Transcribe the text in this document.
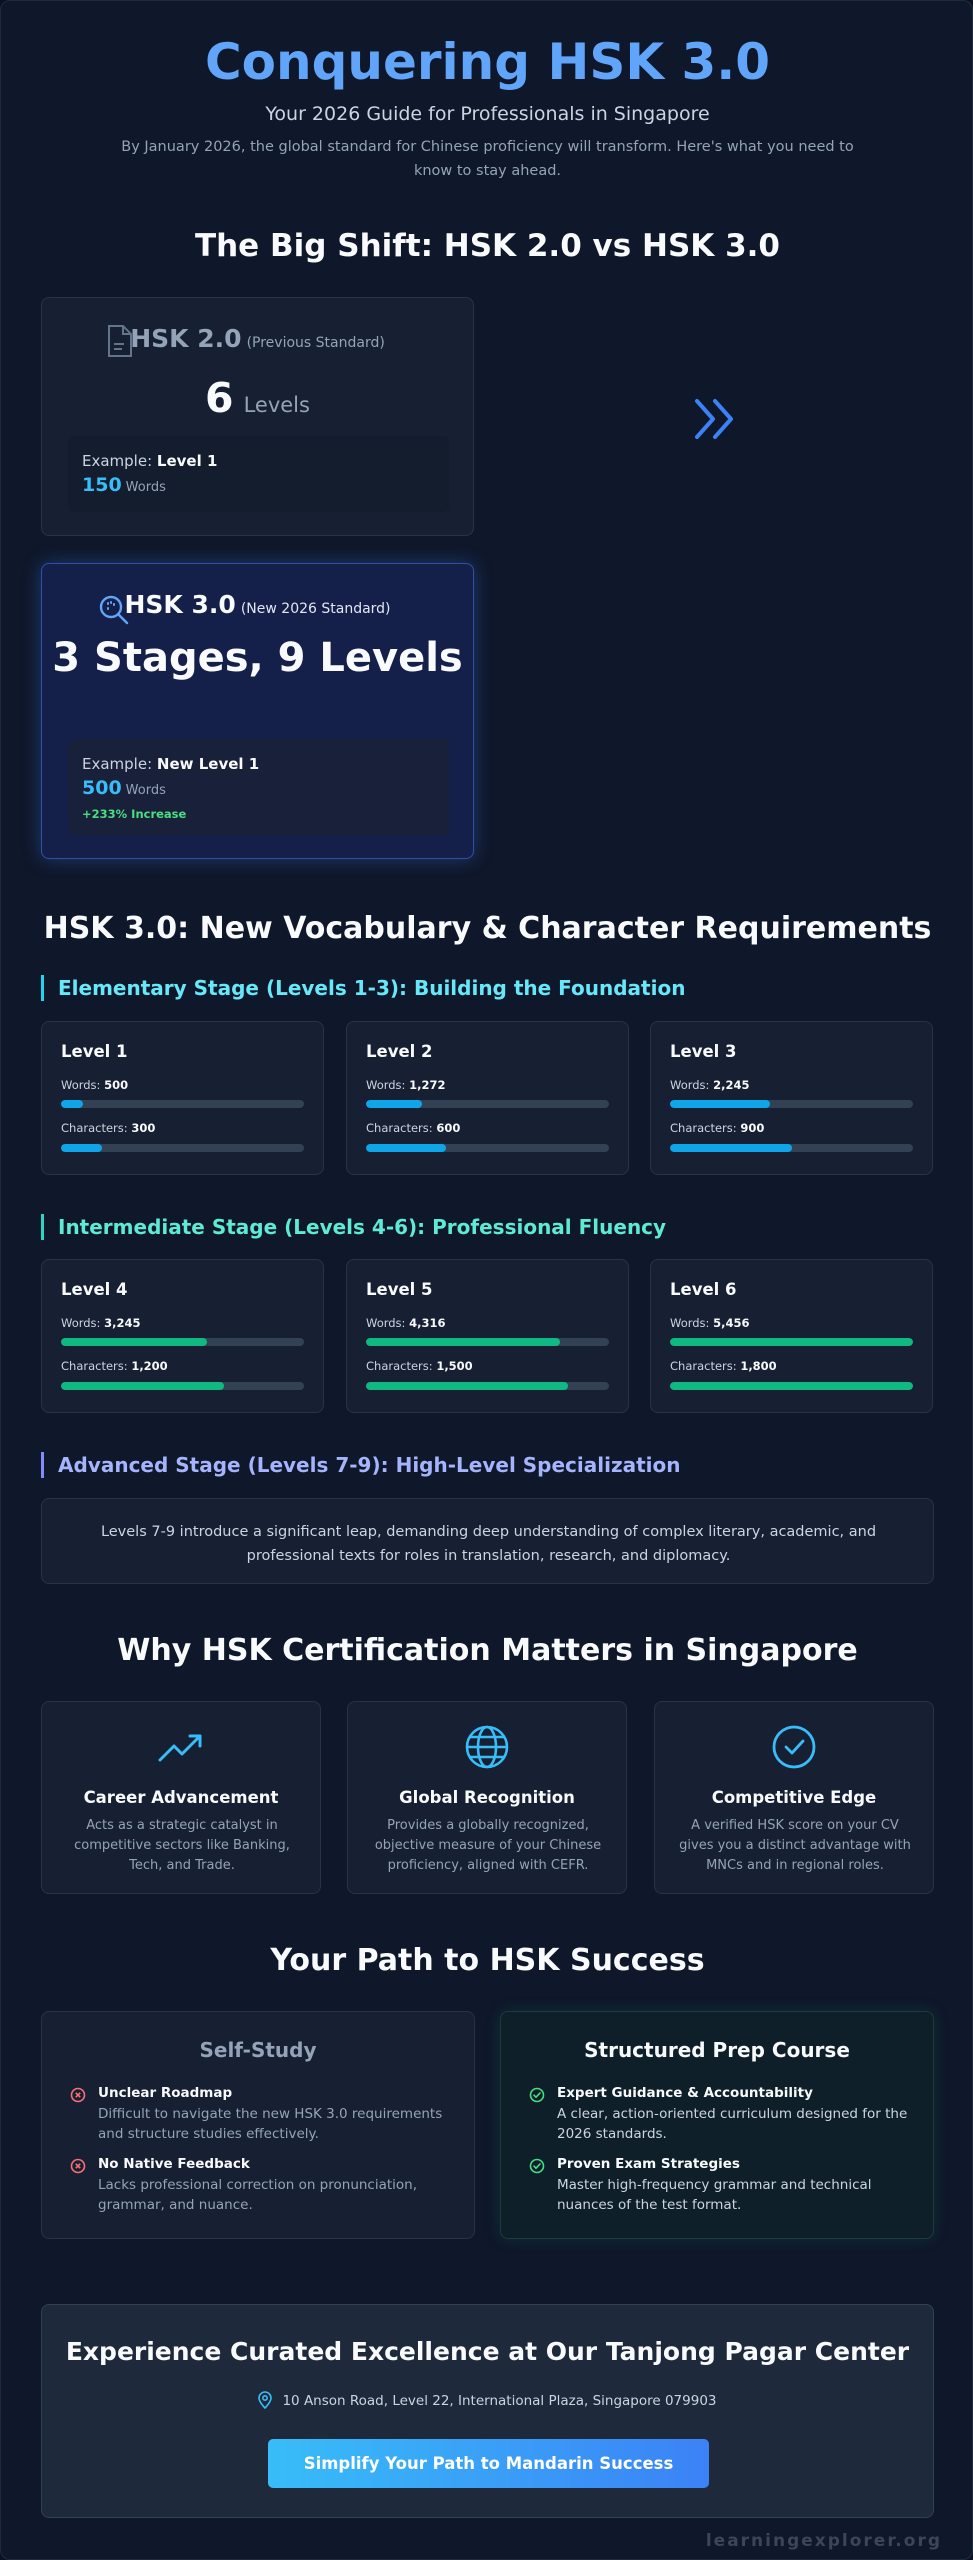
Conquering HSK 3.0
Your 2026 Guide for Professionals in Singapore

By January 2026, the global standard for Chinese proficiency will transform. Here's what you need to know to stay ahead.

The Big Shift: HSK 2.0 vs HSK 3.0
HSK 2.0 (Previous Standard)
6 Levels
Example: Level 1
150 Words
HSK 3.0 (New 2026 Standard)
3 Stages, 9 Levels
Example: New Level 1
500 Words
+233% Increase
HSK 3.0: New Vocabulary & Character Requirements
Elementary Stage (Levels 1-3): Building the Foundation
Level 1
Words: 500
Characters: 300
Level 2
Words: 1,272
Characters: 600
Level 3
Words: 2,245
Characters: 900
Intermediate Stage (Levels 4-6): Professional Fluency
Level 4
Words: 3,245
Characters: 1,200
Level 5
Words: 4,316
Characters: 1,500
Level 6
Words: 5,456
Characters: 1,800
Advanced Stage (Levels 7-9): High-Level Specialization

Levels 7-9 introduce a significant leap, demanding deep understanding of complex literary, academic, and professional texts for roles in translation, research, and diplomacy.

Why HSK Certification Matters in Singapore
Career Advancement

Acts as a strategic catalyst in competitive sectors like Banking, Tech, and Trade.

Global Recognition

Provides a globally recognized, objective measure of your Chinese proficiency, aligned with CEFR.

Competitive Edge

A verified HSK score on your CV gives you a distinct advantage with MNCs and in regional roles.

Your Path to HSK Success
Self-Study
Unclear Roadmap
Difficult to navigate the new HSK 3.0 requirements and structure studies effectively.
No Native Feedback
Lacks professional correction on pronunciation, grammar, and nuance.
Structured Prep Course
Expert Guidance & Accountability
A clear, action-oriented curriculum designed for the 2026 standards.
Proven Exam Strategies
Master high-frequency grammar and technical nuances of the test format.
Experience Curated Excellence at Our Tanjong Pagar Center
10 Anson Road, Level 22, International Plaza, Singapore 079903
Simplify Your Path to Mandarin Success
learningexplorer.org
